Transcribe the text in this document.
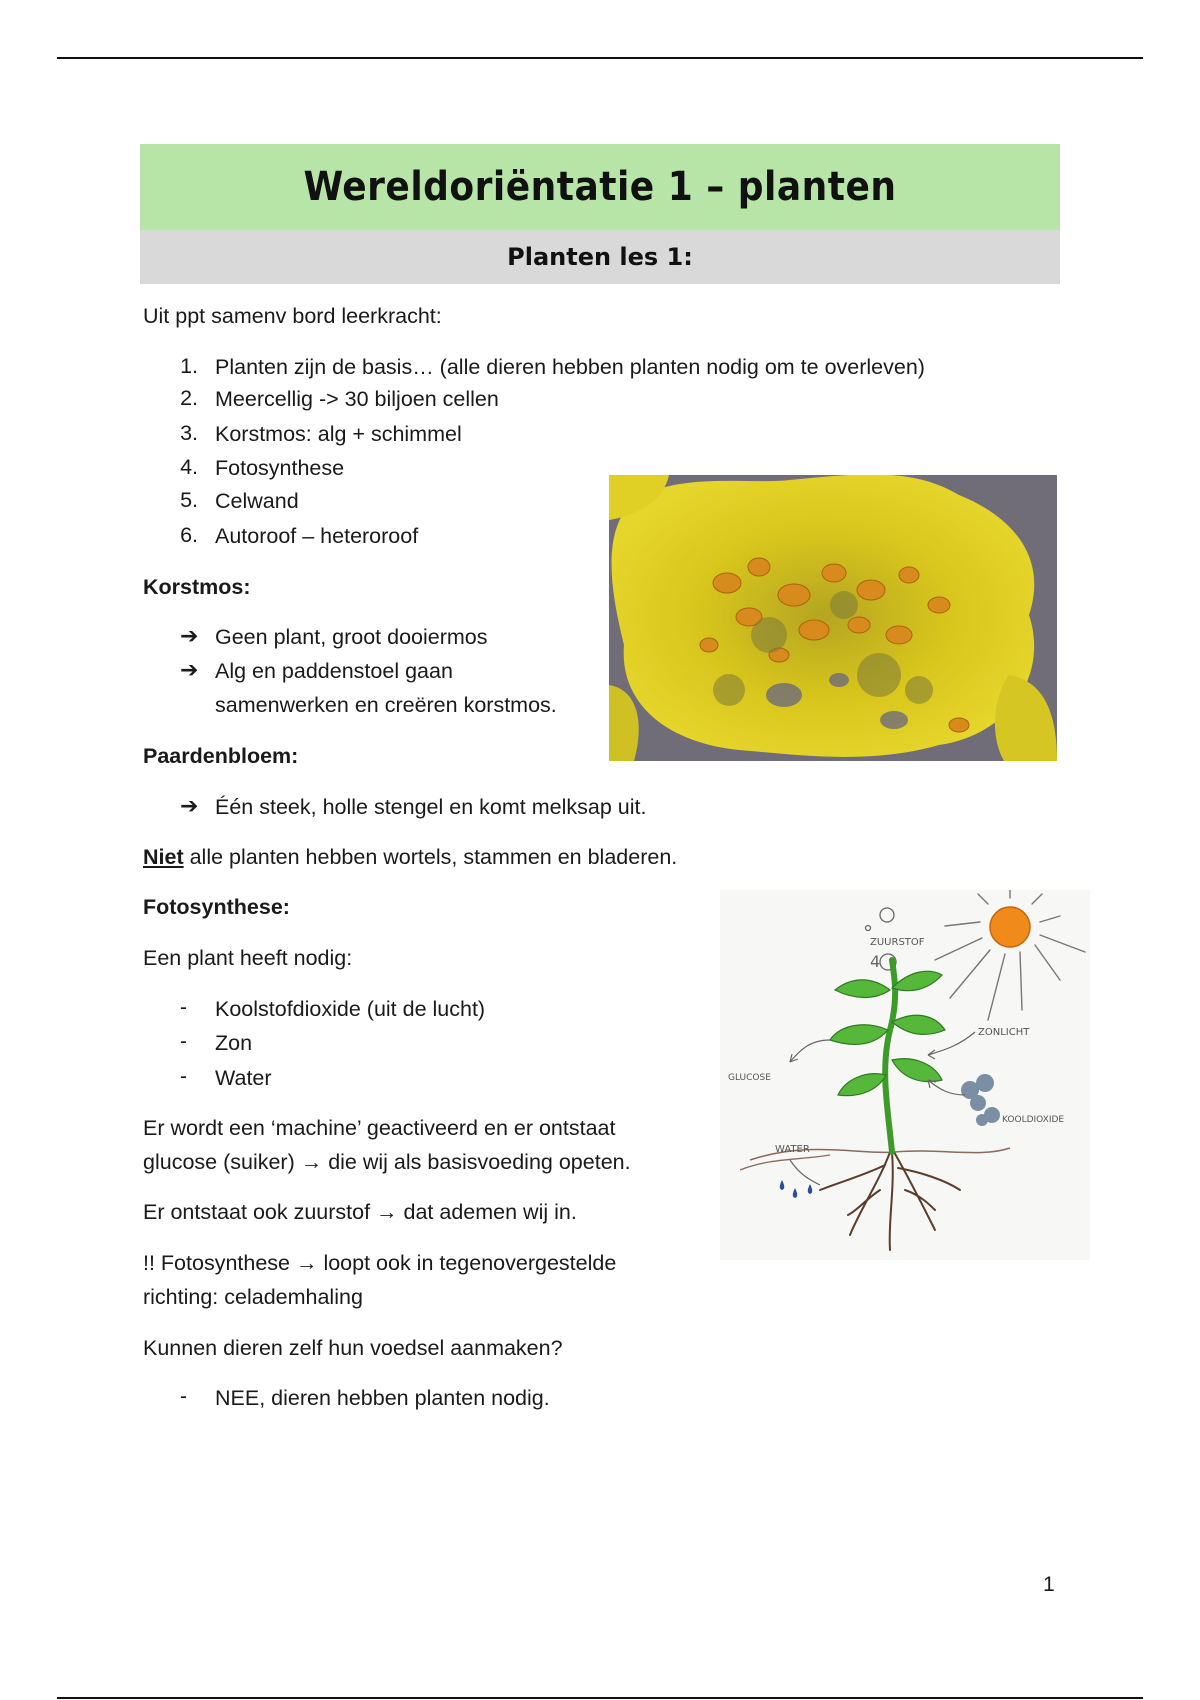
Wereldoriëntatie 1 – planten
Planten les 1:
Uit ppt samenv bord leerkracht:
1. Planten zijn de basis… (alle dieren hebben planten nodig om te overleven)
2. Meercellig -> 30 biljoen cellen
3. Korstmos: alg + schimmel
4. Fotosynthese
5. Celwand
6. Autoroof – heteroroof
Korstmos:
➔ Geen plant, groot dooiermos
➔ Alg en paddenstoel gaan
samenwerken en creëren korstmos.
Paardenbloem:
➔ Één steek, holle stengel en komt melksap uit.
Niet alle planten hebben wortels, stammen en bladeren.
Fotosynthese:
Een plant heeft nodig:
- Koolstofdioxide (uit de lucht)
- Zon
- Water
Er wordt een ‘machine’ geactiveerd en er ontstaat
glucose (suiker) → die wij als basisvoeding opeten.
Er ontstaat ook zuurstof → dat ademen wij in.
!! Fotosynthese → loopt ook in tegenovergestelde
richting: celademhaling
Kunnen dieren zelf hun voedsel aanmaken?
- NEE, dieren hebben planten nodig.
4
ZUURSTOF
KOOLDIOXIDE
ZONLICHT
GLUCOSE
WATER
1
